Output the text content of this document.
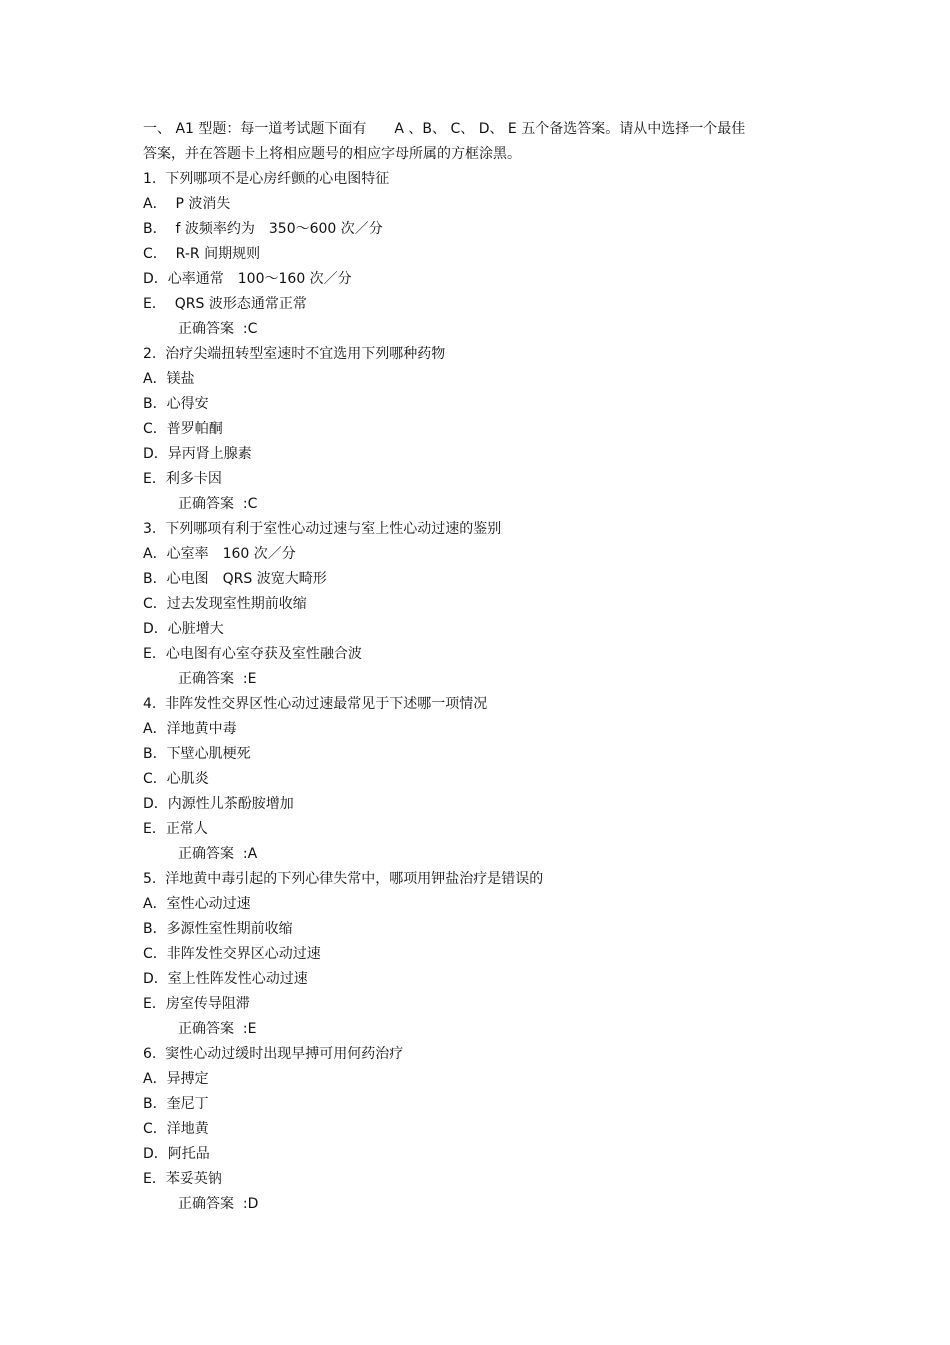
一、 A1 型题：每一道考试题下面有　　A 、B、 C、 D、 E 五个备选答案。请从中选择一个最佳
答案，并在答题卡上将相应题号的相应字母所属的方框涂黑。

1.  下列哪项不是心房纤颤的心电图特征
A．  P 波消失
B．  f 波频率约为　350～600 次／分
C．  R-R 间期规则
D．心率通常　100～160 次／分
E．  QRS 波形态通常正常
正确答案  :C
2.  治疗尖端扭转型室速时不宜选用下列哪种药物
A．镁盐
B．心得安
C．普罗帕酮
D．异丙肾上腺素
E．利多卡因
正确答案  :C
3.  下列哪项有利于室性心动过速与室上性心动过速的鉴别
A．心室率　160 次／分
B．心电图　QRS 波宽大畸形
C．过去发现室性期前收缩
D．心脏增大
E．心电图有心室夺获及室性融合波
正确答案  :E
4.  非阵发性交界区性心动过速最常见于下述哪一项情况
A．洋地黄中毒
B．下壁心肌梗死
C．心肌炎
D．内源性儿茶酚胺增加
E．正常人
正确答案  :A
5.  洋地黄中毒引起的下列心律失常中，哪项用钾盐治疗是错误的
A．室性心动过速
B．多源性室性期前收缩
C．非阵发性交界区心动过速
D．室上性阵发性心动过速
E．房室传导阻滞
正确答案  :E
6.  窦性心动过缓时出现早搏可用何药治疗
A．异搏定
B．奎尼丁
C．洋地黄
D．阿托品
E．苯妥英钠
正确答案  :D
